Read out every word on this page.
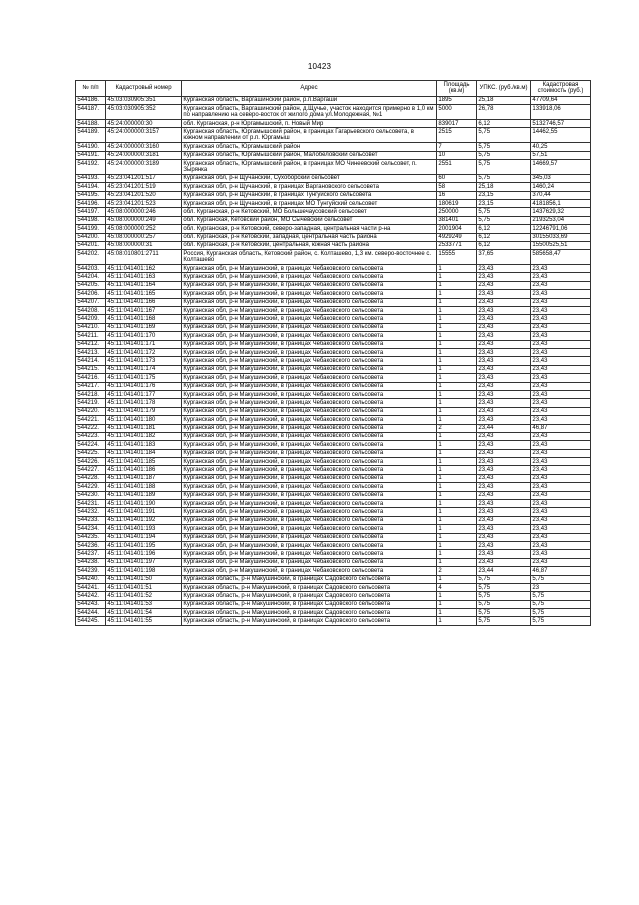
10423
№ п/п	Кадастровый номер	Адрес	Площадь (кв.м)	УПКС. (руб./кв.м)	Кадастровая стоимость (руб.)
544186.	45:03:030905:351	Курганская область, Варгашинский район, р.п.Варгаши	1895	25,18	47709,64
544187.	45:03:030905:352	Курганская область, Варгашинский район, д.Щучье, участок находится примерно в 1,0 км по направлению на северо-восток от жилого дома ул.Молодежная, №1	5000	26,78	133918,06
544188.	45:24:000000:30	обл. Курганская, р-н Юргамышский, п. Новый Мир	839017	6,12	5132746,57
544189.	45:24:000000:3157	Курганская область, Юргамышский район, в границах Гагарьевского сельсовета, в южном направлении от р.п. Юргамыш	2515	5,75	14462,55
544190.	45:24:000000:3160	Курганская область, Юргамышский район	7	5,75	40,25
544191.	45:24:000000:3181	Курганская область, Юргамышский район, Малобеловский сельсовет	10	5,75	57,51
544192.	45:24:000000:3189	Курганская область, Юргамышский район, в границах МО Чинеевский сельсовет, п. Зырянка	2551	5,75	14669,57
544193.	45:23:041201:517	Курганская обл, р-н Щучанский, Сухоборский сельсовет	60	5,75	345,03
544194.	45:23:041201:519	Курганская обл, р-н Щучанский, в границах Варгановского сельсовета	58	25,18	1460,24
544195.	45:23:041201:520	Курганская обл, р-н Щучанский, в границах Тунгуйского сельсовета	16	23,15	370,44
544196.	45:23:041201:523	Курганская обл, р-н Щучанский, в границах МО Тунгуйский сельсовет	180619	23,15	4181856,1
544197.	45:08:000000:246	обл. Курганская, р-н Кетовский, МО Большечаусовский сельсовет	250000	5,75	1437629,32
544198.	45:08:000000:249	обл. Курганская, Кетовский район, МО Сычевский сельсовет	381401	5,75	2193253,04
544199.	45:08:000000:252	обл. Курганская, р-н Кетовский, северо-западная, центральная части р-на	2001904	6,12	12246791,06
544200.	45:08:000000:257	обл. Курганская, р-н Кетовский, западная, центральная часть района	4929249	6,12	30155033,69
544201.	45:08:000000:31	обл. Курганская, р-н Кетовский, центральная, южная часть района	2533771	6,12	15500525,51
544202.	45:08:010801:2711	Россия, Курганская область, Кетовский район, с. Колташево, 1,3 км. северо-восточнее с. Колташево	15555	37,65	585658,47
544203.	45:11:041401:162	Курганская обл, р-н Макушинский, в границах Чебаковского сельсовета	1	23,43	23,43
544204.	45:11:041401:163	Курганская обл, р-н Макушинский, в границах Чебаковского сельсовета	1	23,43	23,43
544205.	45:11:041401:164	Курганская обл, р-н Макушинский, в границах Чебаковского сельсовета	1	23,43	23,43
544206.	45:11:041401:165	Курганская обл, р-н Макушинский, в границах Чебаковского сельсовета	1	23,43	23,43
544207.	45:11:041401:166	Курганская обл, р-н Макушинский, в границах Чебаковского сельсовета	1	23,43	23,43
544208.	45:11:041401:167	Курганская обл, р-н Макушинский, в границах Чебаковского сельсовета	1	23,43	23,43
544209.	45:11:041401:168	Курганская обл, р-н Макушинский, в границах Чебаковского сельсовета	1	23,43	23,43
544210.	45:11:041401:169	Курганская обл, р-н Макушинский, в границах Чебаковского сельсовета	1	23,43	23,43
544211.	45:11:041401:170	Курганская обл, р-н Макушинский, в границах Чебаковского сельсовета	1	23,43	23,43
544212.	45:11:041401:171	Курганская обл, р-н Макушинский, в границах Чебаковского сельсовета	1	23,43	23,43
544213.	45:11:041401:172	Курганская обл, р-н Макушинский, в границах Чебаковского сельсовета	1	23,43	23,43
544214.	45:11:041401:173	Курганская обл, р-н Макушинский, в границах Чебаковского сельсовета	1	23,43	23,43
544215.	45:11:041401:174	Курганская обл, р-н Макушинский, в границах Чебаковского сельсовета	1	23,43	23,43
544216.	45:11:041401:175	Курганская обл, р-н Макушинский, в границах Чебаковского сельсовета	1	23,43	23,43
544217.	45:11:041401:176	Курганская обл, р-н Макушинский, в границах Чебаковского сельсовета	1	23,43	23,43
544218.	45:11:041401:177	Курганская обл, р-н Макушинский, в границах Чебаковского сельсовета	1	23,43	23,43
544219.	45:11:041401:178	Курганская обл, р-н Макушинский, в границах Чебаковского сельсовета	1	23,43	23,43
544220.	45:11:041401:179	Курганская обл, р-н Макушинский, в границах Чебаковского сельсовета	1	23,43	23,43
544221.	45:11:041401:180	Курганская обл, р-н Макушинский, в границах Чебаковского сельсовета	1	23,43	23,43
544222.	45:11:041401:181	Курганская обл, р-н Макушинский, в границах Чебаковского сельсовета	2	23,44	46,87
544223.	45:11:041401:182	Курганская обл, р-н Макушинский, в границах Чебаковского сельсовета	1	23,43	23,43
544224.	45:11:041401:183	Курганская обл, р-н Макушинский, в границах Чебаковского сельсовета	1	23,43	23,43
544225.	45:11:041401:184	Курганская обл, р-н Макушинский, в границах Чебаковского сельсовета	1	23,43	23,43
544226.	45:11:041401:185	Курганская обл, р-н Макушинский, в границах Чебаковского сельсовета	1	23,43	23,43
544227.	45:11:041401:186	Курганская обл, р-н Макушинский, в границах Чебаковского сельсовета	1	23,43	23,43
544228.	45:11:041401:187	Курганская обл, р-н Макушинский, в границах Чебаковского сельсовета	1	23,43	23,43
544229.	45:11:041401:188	Курганская обл, р-н Макушинский, в границах Чебаковского сельсовета	1	23,43	23,43
544230.	45:11:041401:189	Курганская обл, р-н Макушинский, в границах Чебаковского сельсовета	1	23,43	23,43
544231.	45:11:041401:190	Курганская обл, р-н Макушинский, в границах Чебаковского сельсовета	1	23,43	23,43
544232.	45:11:041401:191	Курганская обл, р-н Макушинский, в границах Чебаковского сельсовета	1	23,43	23,43
544233.	45:11:041401:192	Курганская обл, р-н Макушинский, в границах Чебаковского сельсовета	1	23,43	23,43
544234.	45:11:041401:193	Курганская обл, р-н Макушинский, в границах Чебаковского сельсовета	1	23,43	23,43
544235.	45:11:041401:194	Курганская обл, р-н Макушинский, в границах Чебаковского сельсовета	1	23,43	23,43
544236.	45:11:041401:195	Курганская обл, р-н Макушинский, в границах Чебаковского сельсовета	1	23,43	23,43
544237.	45:11:041401:196	Курганская обл, р-н Макушинский, в границах Чебаковского сельсовета	1	23,43	23,43
544238.	45:11:041401:197	Курганская обл, р-н Макушинский, в границах Чебаковского сельсовета	1	23,43	23,43
544239.	45:11:041401:198	Курганская обл, р-н Макушинский, в границах Чебаковского сельсовета	2	23,44	46,87
544240.	45:11:041401:50	Курганская область, р-н Макушинский, в границах Садовского сельсовета	1	5,75	5,75
544241.	45:11:041401:51	Курганская область, р-н Макушинский, в границах Садовского сельсовета	4	5,75	23
544242.	45:11:041401:52	Курганская область, р-н Макушинский, в границах Садовского сельсовета	1	5,75	5,75
544243.	45:11:041401:53	Курганская область, р-н Макушинский, в границах Садовского сельсовета	1	5,75	5,75
544244.	45:11:041401:54	Курганская область, р-н Макушинский, в границах Садовского сельсовета	1	5,75	5,75
544245.	45:11:041401:55	Курганская область, р-н Макушинский, в границах Садовского сельсовета	1	5,75	5,75
